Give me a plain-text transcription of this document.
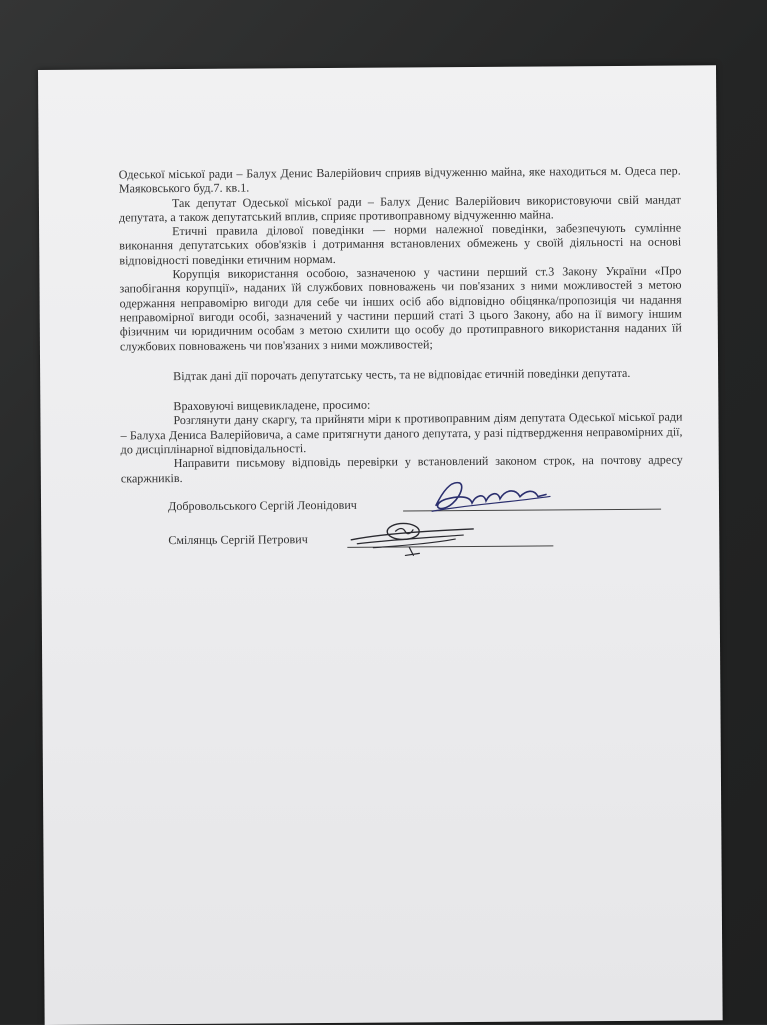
Одеської міської ради – Балух Денис Валерійович сприяв відчуженню майна, яке находиться м. Одеса пер. Маяковського буд.7. кв.1.

Так депутат Одеської міської ради – Балух Денис Валерійович використовуючи свій мандат депутата, а також депутатський вплив, сприяє противоправному відчуженню майна.

Етичні правила ділової поведінки — норми належної поведінки, забезпечують сумлінне виконання депутатських обов'язків і дотримання встановлених обмежень у своїй діяльності на основі відповідності поведінки етичним нормам.

Корупція використання особою, зазначеною у частини перший ст.3 Закону України «Про запобігання корупції», наданих їй службових повноважень чи пов'язаних з ними можливостей з метою одержання неправомірю вигоди для себе чи інших осіб або відповідно обіцянка/пропозиція чи надання неправомірної вигоди особі, зазначений у частини перший статі 3 цього Закону, або на ії вимогу іншим фізичним чи юридичним особам з метою схилити що особу до протиправного використання наданих їй службових повноважень чи пов'язаних з ними можливостей;

Відтак дані дії порочать депутатську честь, та не відповідає етичній поведінки депутата.

Враховуючі вищевикладене, просимо:

Розглянути дану скаргу, та прийняти міри к противоправним діям депутата Одеської міської ради – Балуха Дениса Валерійовича, а саме притягнути даного депутата, у разі підтвердження неправомірних дії, до дисціплінарної відповідальності.

Направити письмову відповідь перевірки у встановлений законом строк, на почтову адресу скаржників.

Добровольського Сергій Леонідович
Смілянць Сергій Петрович
